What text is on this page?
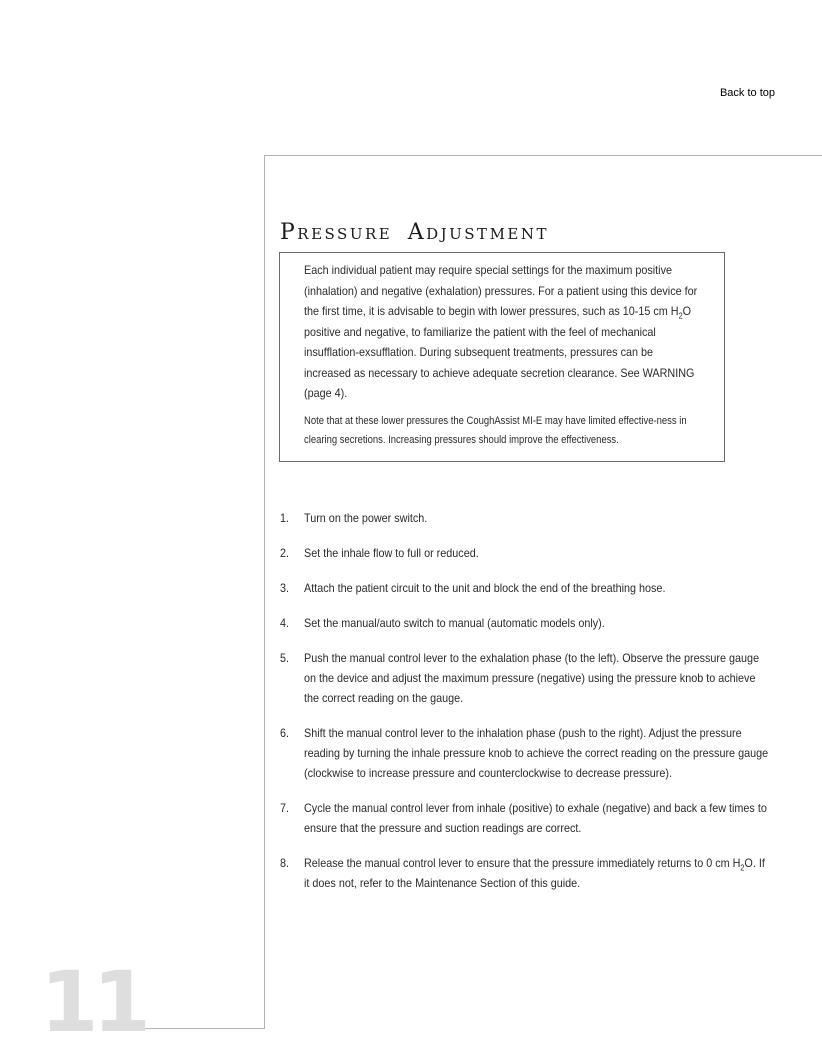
Back to top
11
Pressure Adjustment

Each individual patient may require special settings for the maximum positive (inhalation) and negative (exhalation) pressures. For a patient using this device for the first time, it is advisable to begin with lower pressures, such as 10-15 cm $H_2O$ positive and negative, to familiarize the patient with the feel of mechanical insufflation-exsufflation. During subsequent treatments, pressures can be increased as necessary to achieve adequate secretion clearance. See WARNING (page 4).

Note that at these lower pressures the CoughAssist MI-E may have limited effective-ness in clearing secretions. Increasing pressures should improve the effectiveness.

1. Turn on the power switch.
2. Set the inhale flow to full or reduced.
3. Attach the patient circuit to the unit and block the end of the breathing hose.
4. Set the manual/auto switch to manual (automatic models only).
5. Push the manual control lever to the exhalation phase (to the left). Observe the pressure gauge on the device and adjust the maximum pressure (negative) using the pressure knob to achieve the correct reading on the gauge.
6. Shift the manual control lever to the inhalation phase (push to the right). Adjust the pressure reading by turning the inhale pressure knob to achieve the correct reading on the pressure gauge (clockwise to increase pressure and counterclockwise to decrease pressure).
7. Cycle the manual control lever from inhale (positive) to exhale (negative) and back a few times to ensure that the pressure and suction readings are correct.
8. Release the manual control lever to ensure that the pressure immediately returns to 0 cm $H_2O$. If it does not, refer to the Maintenance Section of this guide.
